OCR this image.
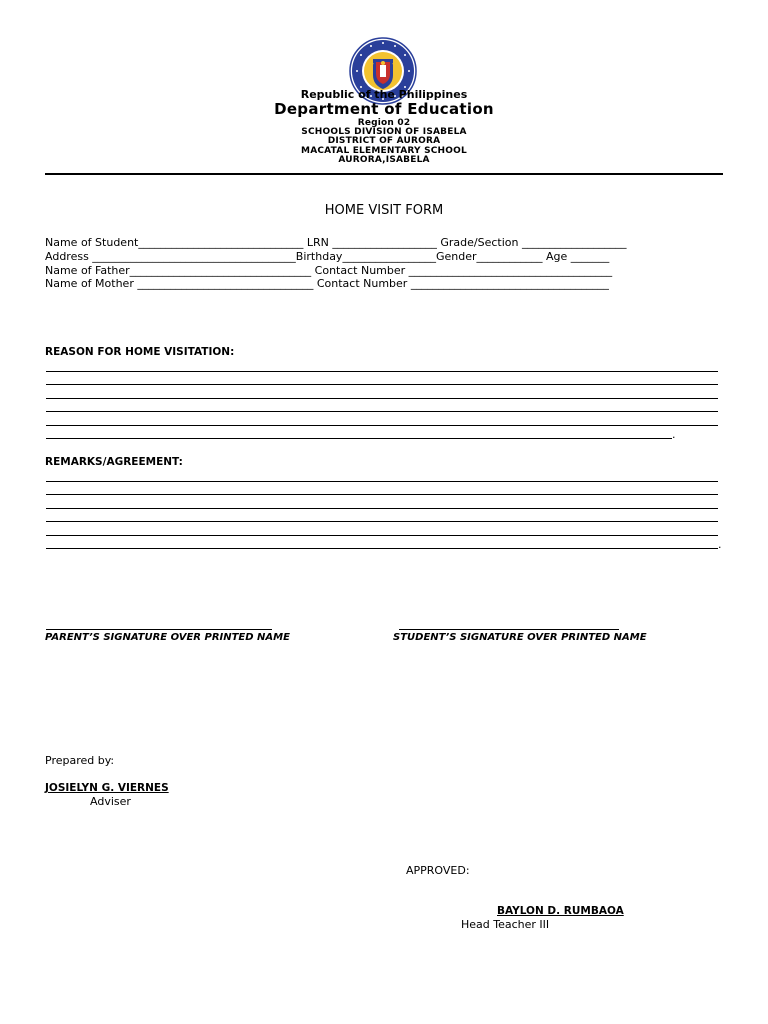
Republic of the Philippines
Department of Education
Region 02
SCHOOLS DIVISION OF ISABELA
DISTRICT OF AURORA
MACATAL ELEMENTARY SCHOOL
AURORA,ISABELA
HOME VISIT FORM
Name of Student______________________________ LRN ___________________ Grade/Section ___________________
Address _____________________________________Birthday_________________Gender____________ Age _______
Name of Father_________________________________ Contact Number _____________________________________
Name of Mother ________________________________ Contact Number ____________________________________
REASON FOR HOME VISITATION:
.
REMARKS/AGREEMENT:
.
PARENT’S SIGNATURE OVER PRINTED NAME	STUDENT’S SIGNATURE OVER PRINTED NAME
Prepared by:
JOSIELYN G. VIERNES
Adviser
APPROVED:
BAYLON D. RUMBAOA
Head Teacher III
